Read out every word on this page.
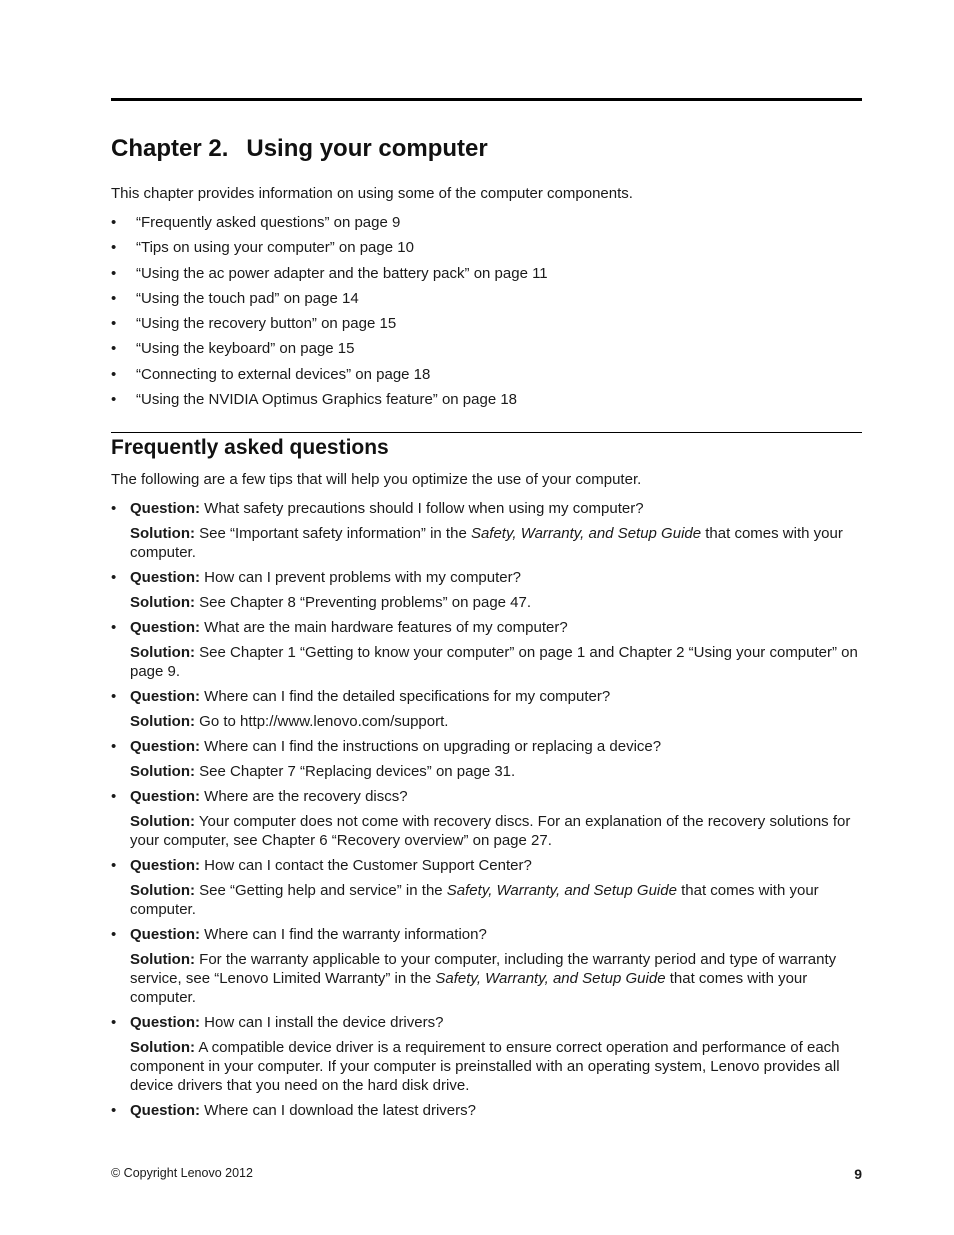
Chapter 2. Using your computer

This chapter provides information on using some of the computer components.

• “Frequently asked questions” on page 9
• “Tips on using your computer” on page 10
• “Using the ac power adapter and the battery pack” on page 11
• “Using the touch pad” on page 14
• “Using the recovery button” on page 15
• “Using the keyboard” on page 15
• “Connecting to external devices” on page 18
• “Using the NVIDIA Optimus Graphics feature” on page 18
Frequently asked questions

The following are a few tips that will help you optimize the use of your computer.

• Question: What safety precautions should I follow when using my computer?

Solution: See “Important safety information” in the Safety, Warranty, and Setup Guide that comes with your computer.

• Question: How can I prevent problems with my computer?

Solution: See Chapter 8 “Preventing problems” on page 47.

• Question: What are the main hardware features of my computer?

Solution: See Chapter 1 “Getting to know your computer” on page 1 and Chapter 2 “Using your computer” on page 9.

• Question: Where can I find the detailed specifications for my computer?

Solution: Go to http://www.lenovo.com/support.

• Question: Where can I find the instructions on upgrading or replacing a device?

Solution: See Chapter 7 “Replacing devices” on page 31.

• Question: Where are the recovery discs?

Solution: Your computer does not come with recovery discs. For an explanation of the recovery solutions for your computer, see Chapter 6 “Recovery overview” on page 27.

• Question: How can I contact the Customer Support Center?

Solution: See “Getting help and service” in the Safety, Warranty, and Setup Guide that comes with your computer.

• Question: Where can I find the warranty information?

Solution: For the warranty applicable to your computer, including the warranty period and type of warranty service, see “Lenovo Limited Warranty” in the Safety, Warranty, and Setup Guide that comes with your computer.

• Question: How can I install the device drivers?

Solution: A compatible device driver is a requirement to ensure correct operation and performance of each component in your computer. If your computer is preinstalled with an operating system, Lenovo provides all device drivers that you need on the hard disk drive.

• Question: Where can I download the latest drivers?

© Copyright Lenovo 2012	9
